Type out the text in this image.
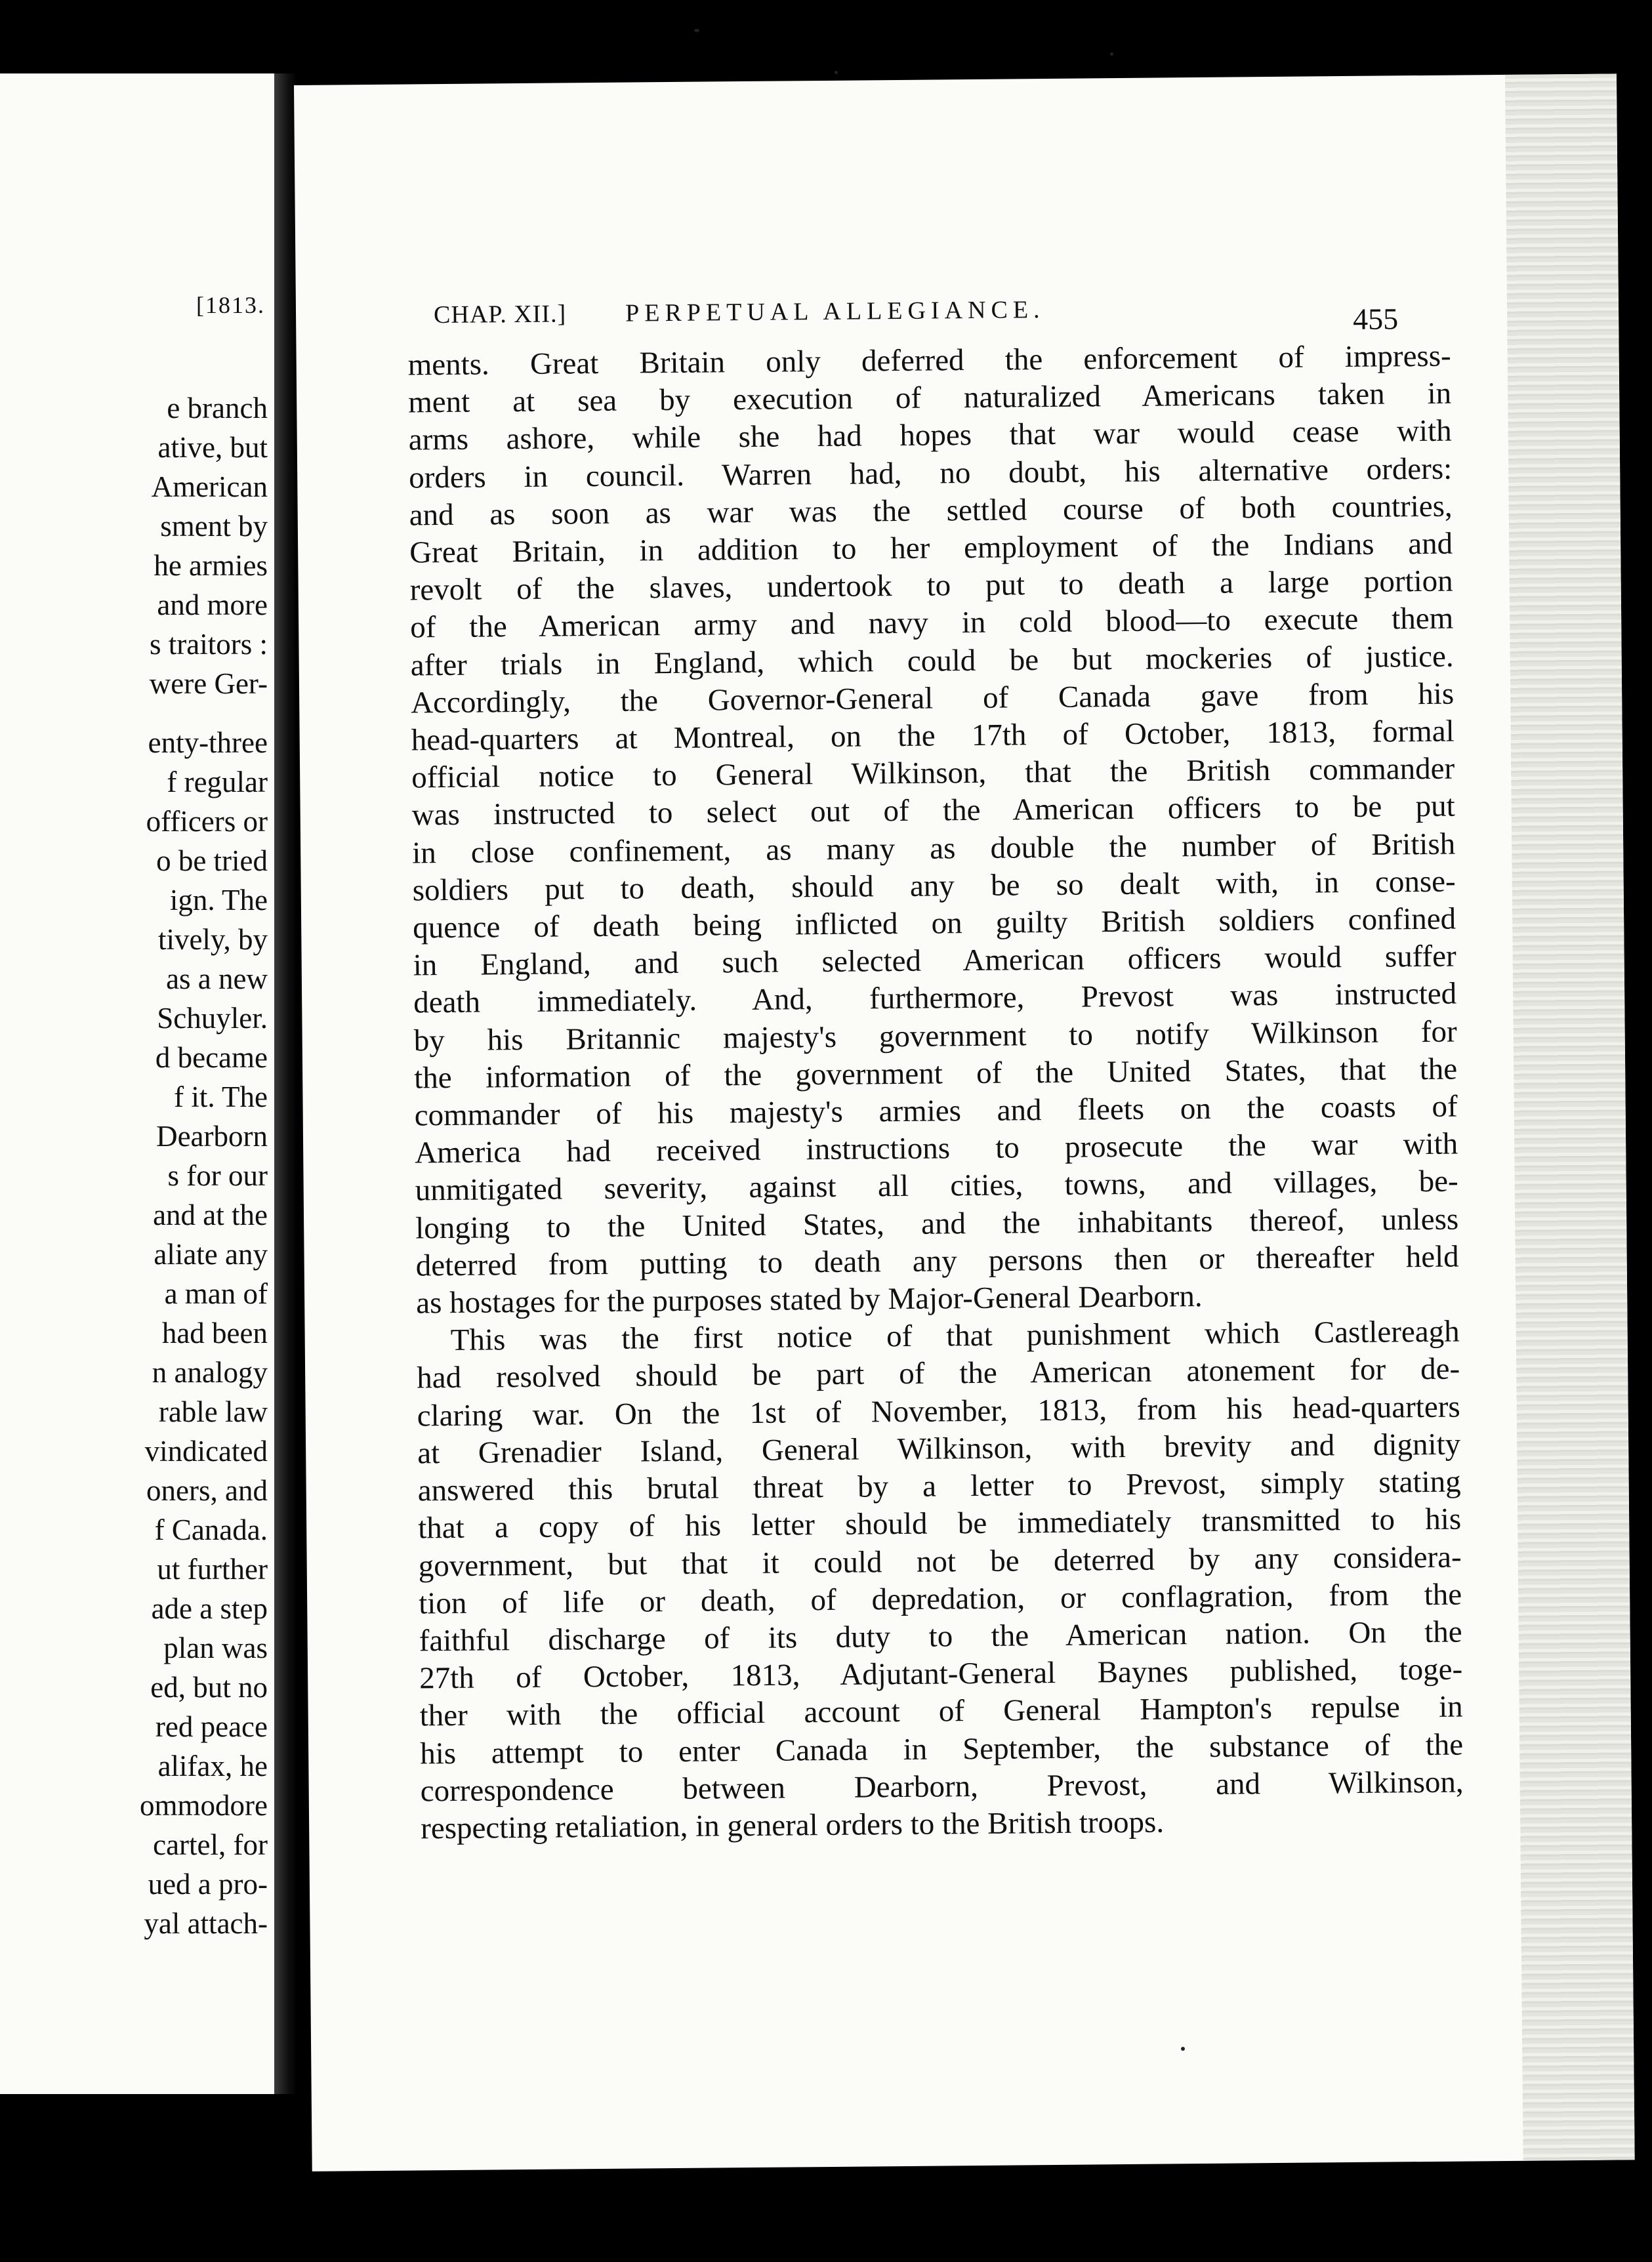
[1813.
e branch
ative, but
American
sment by
he armies
and more
s traitors :
were Ger-
enty-three
f regular
officers or
o be tried
ign. The
tively, by
as a new
Schuyler.
d became
f it. The
Dearborn
s for our
and at the
aliate any
a man of
had been
n analogy
rable law
vindicated
oners, and
f Canada.
ut further
ade a step
plan was
ed, but no
red peace
alifax, he
ommodore
cartel, for
ued a pro-
yal attach-
CHAP. XII.] PERPETUAL ALLEGIANCE.	455
ments. Great Britain only deferred the enforcement of impress-
ment at sea by execution of naturalized Americans taken in
arms ashore, while she had hopes that war would cease with
orders in council. Warren had, no doubt, his alternative orders:
and as soon as war was the settled course of both countries,
Great Britain, in addition to her employment of the Indians and
revolt of the slaves, undertook to put to death a large portion
of the American army and navy in cold blood—to execute them
after trials in England, which could be but mockeries of justice.
Accordingly, the Governor-General of Canada gave from his
head-quarters at Montreal, on the 17th of October, 1813, formal
official notice to General Wilkinson, that the British commander
was instructed to select out of the American officers to be put
in close confinement, as many as double the number of British
soldiers put to death, should any be so dealt with, in conse-
quence of death being inflicted on guilty British soldiers confined
in England, and such selected American officers would suffer
death immediately. And, furthermore, Prevost was instructed
by his Britannic majesty's government to notify Wilkinson for
the information of the government of the United States, that the
commander of his majesty's armies and fleets on the coasts of
America had received instructions to prosecute the war with
unmitigated severity, against all cities, towns, and villages, be-
longing to the United States, and the inhabitants thereof, unless
deterred from putting to death any persons then or thereafter held
as hostages for the purposes stated by Major-General Dearborn.
This was the first notice of that punishment which Castlereagh
had resolved should be part of the American atonement for de-
claring war. On the 1st of November, 1813, from his head-quarters
at Grenadier Island, General Wilkinson, with brevity and dignity
answered this brutal threat by a letter to Prevost, simply stating
that a copy of his letter should be immediately transmitted to his
government, but that it could not be deterred by any considera-
tion of life or death, of depredation, or conflagration, from the
faithful discharge of its duty to the American nation. On the
27th of October, 1813, Adjutant-General Baynes published, toge-
ther with the official account of General Hampton's repulse in
his attempt to enter Canada in September, the substance of the
correspondence between Dearborn, Prevost, and Wilkinson,
respecting retaliation, in general orders to the British troops.
